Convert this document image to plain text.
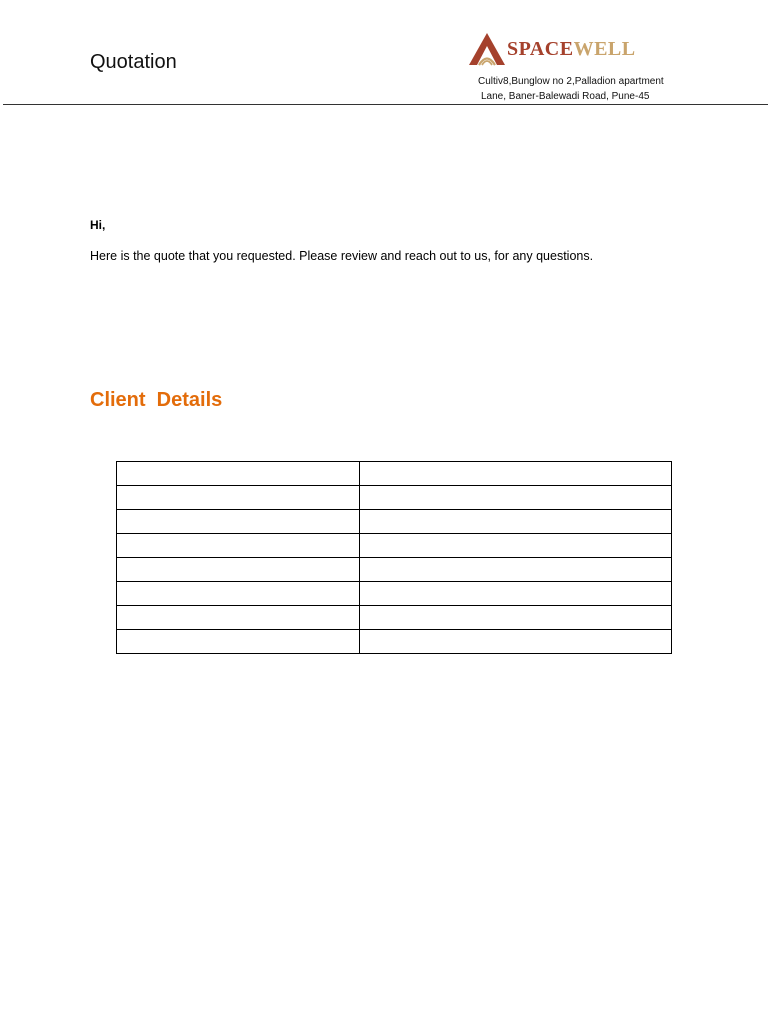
Quotation
SPACEWELL
Cultiv8,Bunglow no 2,Palladion apartment
Lane, Baner-Balewadi Road, Pune-45
Hi,
Here is the quote that you requested. Please review and reach out to us, for any questions.
Client  Details
